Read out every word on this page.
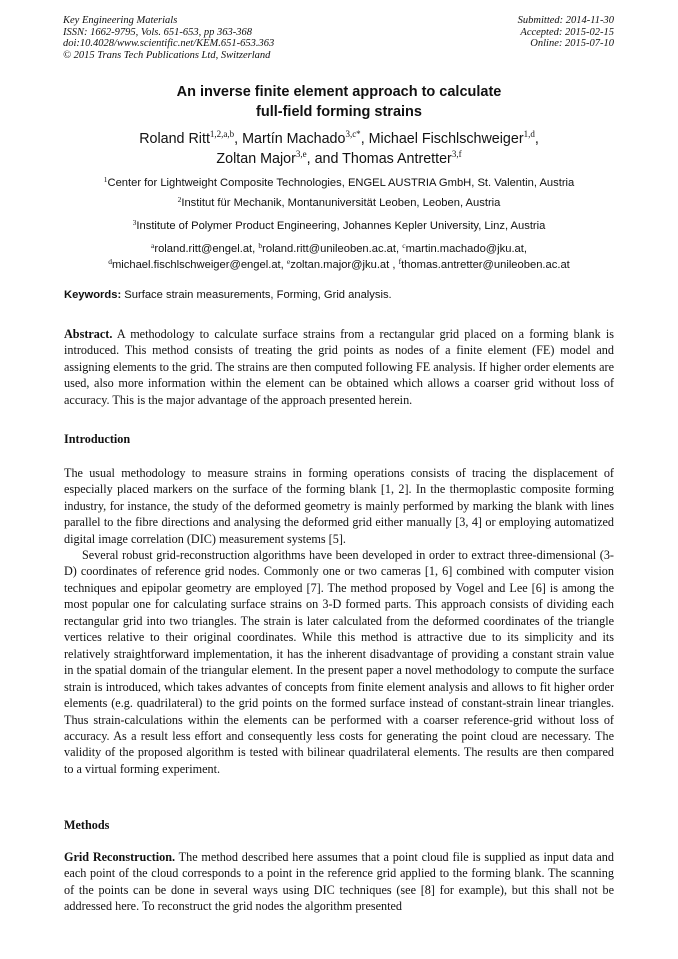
Key Engineering Materials
ISSN: 1662-9795, Vols. 651-653, pp 363-368
doi:10.4028/www.scientific.net/KEM.651-653.363
© 2015 Trans Tech Publications Ltd, Switzerland
Submitted: 2014-11-30
Accepted: 2015-02-15
Online: 2015-07-10
An inverse finite element approach to calculate
full-field forming strains
Roland Ritt$^{1,2,a,b}$, Martín Machado$^{3,c*}$, Michael Fischlschweiger$^{1,d}$,
Zoltan Major$^{3,e}$, and Thomas Antretter$^{3,f}$
$^1$Center for Lightweight Composite Technologies, ENGEL AUSTRIA GmbH, St. Valentin, Austria
$^2$Institut für Mechanik, Montanuniversität Leoben, Leoben, Austria
$^3$Institute of Polymer Product Engineering, Johannes Kepler University, Linz, Austria
$^a$roland.ritt@engel.at, $^b$roland.ritt@unileoben.ac.at, $^c$martin.machado@jku.at,
$^d$michael.fischlschweiger@engel.at, $^e$zoltan.major@jku.at , $^f$thomas.antretter@unileoben.ac.at
Keywords: Surface strain measurements, Forming, Grid analysis.

Abstract. A methodology to calculate surface strains from a rectangular grid placed on a forming blank is introduced. This method consists of treating the grid points as nodes of a finite element (FE) model and assigning elements to the grid. The strains are then computed following FE analysis. If higher order elements are used, also more information within the element can be obtained which allows a coarser grid without loss of accuracy. This is the major advantage of the approach presented herein.

Introduction

The usual methodology to measure strains in forming operations consists of tracing the displacement of especially placed markers on the surface of the forming blank [1, 2]. In the thermoplastic composite forming industry, for instance, the study of the deformed geometry is mainly performed by marking the blank with lines parallel to the fibre directions and analysing the deformed grid either manually [3, 4] or employing automatized digital image correlation (DIC) measurement systems [5].

Several robust grid-reconstruction algorithms have been developed in order to extract three-dimensional (3-D) coordinates of reference grid nodes. Commonly one or two cameras [1, 6] combined with computer vision techniques and epipolar geometry are employed [7]. The method proposed by Vogel and Lee [6] is among the most popular one for calculating surface strains on 3-D formed parts. This approach consists of dividing each rectangular grid into two triangles. The strain is later calculated from the deformed coordinates of the triangle vertices relative to their original coordinates. While this method is attractive due to its simplicity and its relatively straightforward implementation, it has the inherent disadvantage of providing a constant strain value in the spatial domain of the triangular element. In the present paper a novel methodology to compute the surface strain is introduced, which takes advantes of concepts from finite element analysis and allows to fit higher order elements (e.g. quadrilateral) to the grid points on the formed surface instead of constant-strain linear triangles. Thus strain-calculations within the elements can be performed with a coarser reference-grid without loss of accuracy. As a result less effort and consequently less costs for generating the point cloud are necessary. The validity of the proposed algorithm is tested with bilinear quadrilateral elements. The results are then compared to a virtual forming experiment.

Methods

Grid Reconstruction. The method described here assumes that a point cloud file is supplied as input data and each point of the cloud corresponds to a point in the reference grid applied to the forming blank. The scanning of the points can be done in several ways using DIC techniques (see [8] for example), but this shall not be addressed here. To reconstruct the grid nodes the algorithm presented
